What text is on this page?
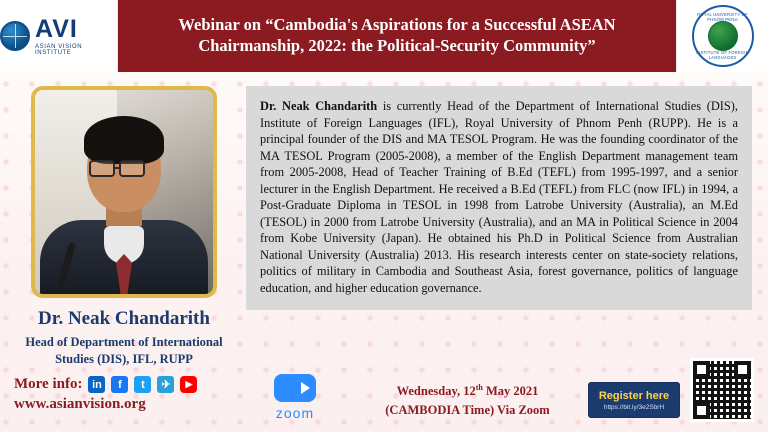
AVI
ASIAN VISION INSTITUTE
Webinar on “Cambodia's Aspirations for a Successful ASEAN Chairmanship, 2022: the Political-Security Community”
ROYAL UNIVERSITY OF PHNOM PENH
INSTITUTE OF FOREIGN LANGUAGES
Dr. Neak Chandarith
Head of Department of International
Studies (DIS), IFL, RUPP
Dr. Neak Chandarith is currently Head of the Department of International Studies (DIS), Institute of Foreign Languages (IFL), Royal University of Phnom Penh (RUPP). He is a principal founder of the DIS and MA TESOL Program. He was the founding coordinator of the MA TESOL Program (2005-2008), a member of the English Department management team from 2005-2008, Head of Teacher Training of B.Ed (TEFL) from 1995-1997, and a senior lecturer in the English Department. He received a B.Ed (TEFL) from FLC (now IFL) in 1994, a Post-Graduate Diploma in TESOL in 1998 from Latrobe University (Australia), an M.Ed (TESOL) in 2000 from Latrobe University (Australia), and an MA in Political Science in 2004 from Kobe University (Japan). He obtained his Ph.D in Political Science from Australian National University (Australia) 2013. His research interests center on state-society relations, politics of military in Cambodia and Southeast Asia, forest governance, politics of language education, and higher education governance.
More info: in	f	t	✈	▶
www.asianvision.org
zoom
Wednesday, 12th May 2021
(CAMBODIA Time) Via Zoom
Register here
https://bit.ly/3e2SbrH
